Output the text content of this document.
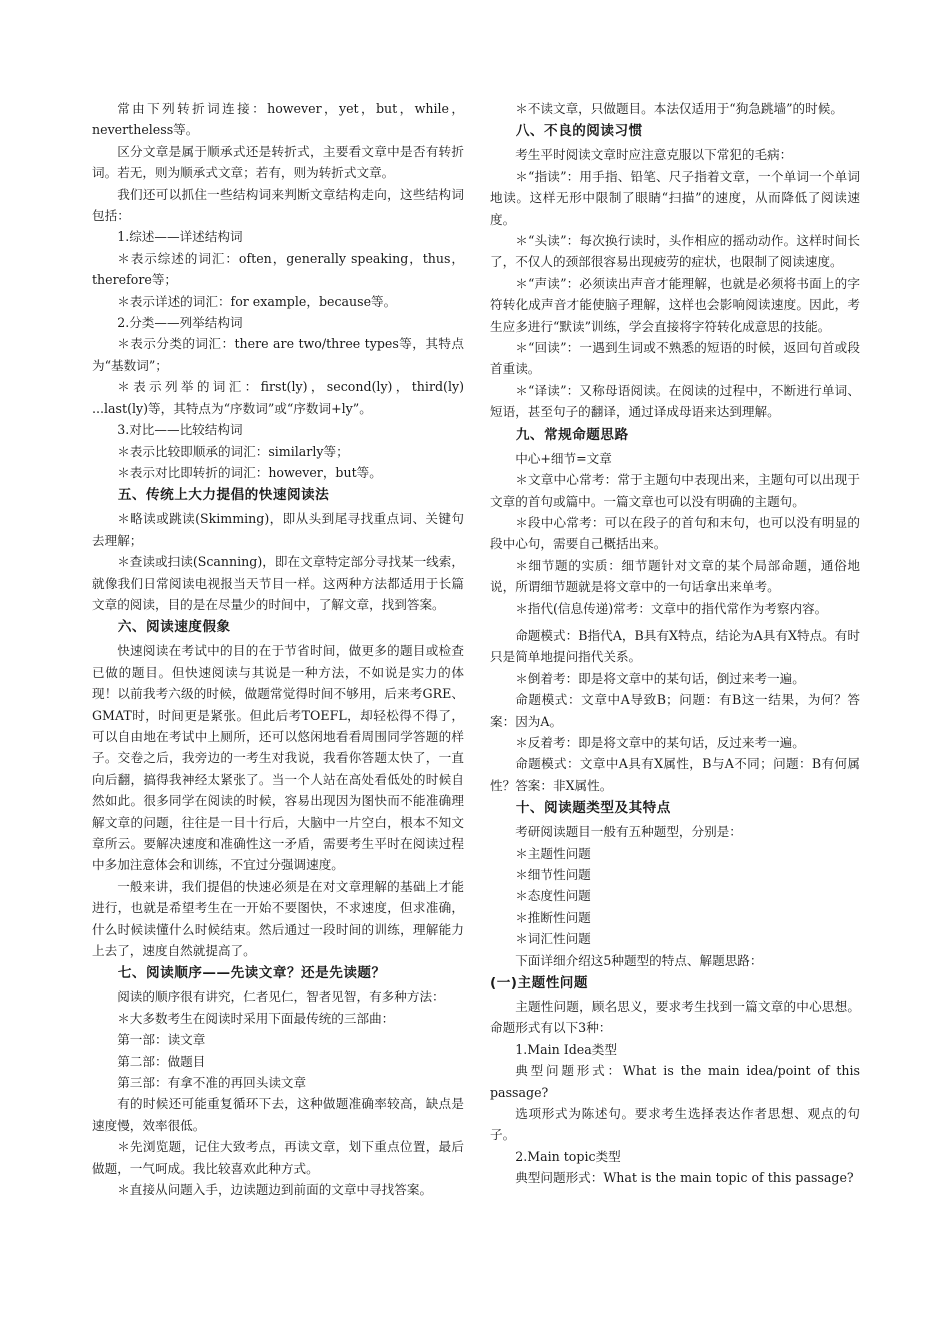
常由下列转折词连接：however，yet，but，while，nevertheless等。

区分文章是属于顺承式还是转折式，主要看文章中是否有转折词。若无，则为顺承式文章；若有，则为转折式文章。

我们还可以抓住一些结构词来判断文章结构走向，这些结构词包括：

1.综述——详述结构词

＊表示综述的词汇：often，generally speaking，thus，therefore等；

＊表示详述的词汇：for example，because等。

2.分类——列举结构词

＊表示分类的词汇：there are two/three types等，其特点为“基数词”；

＊表示列举的词汇：first(ly)，second(ly)，third(ly) ...last(ly)等，其特点为“序数词”或“序数词+ly”。

3.对比——比较结构词

＊表示比较即顺承的词汇：similarly等；

＊表示对比即转折的词汇：however，but等。

五、传统上大力提倡的快速阅读法

＊略读或跳读(Skimming)，即从头到尾寻找重点词、关键句去理解；

＊查读或扫读(Scanning)，即在文章特定部分寻找某一线索，就像我们日常阅读电视报当天节目一样。这两种方法都适用于长篇文章的阅读，目的是在尽量少的时间中，了解文章，找到答案。

六、阅读速度假象

快速阅读在考试中的目的在于节省时间，做更多的题目或检查已做的题目。但快速阅读与其说是一种方法，不如说是实力的体现！以前我考六级的时候，做题常觉得时间不够用，后来考GRE、GMAT时，时间更是紧张。但此后考TOEFL，却轻松得不得了，可以自由地在考试中上厕所，还可以悠闲地看看周围同学答题的样子。交卷之后，我旁边的一考生对我说，我看你答题太快了，一直向后翻，搞得我神经太紧张了。当一个人站在高处看低处的时候自然如此。很多同学在阅读的时候，容易出现因为图快而不能准确理解文章的问题，往往是一目十行后，大脑中一片空白，根本不知文章所云。要解决速度和准确性这一矛盾，需要考生平时在阅读过程中多加注意体会和训练，不宜过分强调速度。

一般来讲，我们提倡的快速必须是在对文章理解的基础上才能进行，也就是希望考生在一开始不要图快，不求速度，但求准确，什么时候读懂什么时候结束。然后通过一段时间的训练，理解能力上去了，速度自然就提高了。

七、阅读顺序——先读文章？还是先读题？

阅读的顺序很有讲究，仁者见仁，智者见智，有多种方法：

＊大多数考生在阅读时采用下面最传统的三部曲：

第一部：读文章

第二部：做题目

第三部：有拿不准的再回头读文章

有的时候还可能重复循环下去，这种做题准确率较高，缺点是速度慢，效率很低。

＊先浏览题，记住大致考点，再读文章，划下重点位置，最后做题，一气呵成。我比较喜欢此种方式。

＊直接从问题入手，边读题边到前面的文章中寻找答案。

＊不读文章，只做题目。本法仅适用于“狗急跳墙”的时候。

八、不良的阅读习惯

考生平时阅读文章时应注意克服以下常犯的毛病：

＊“指读”：用手指、铅笔、尺子指着文章，一个单词一个单词地读。这样无形中限制了眼睛“扫描”的速度，从而降低了阅读速度。

＊“头读”：每次换行读时，头作相应的摇动动作。这样时间长了，不仅人的颈部很容易出现疲劳的症状，也限制了阅读速度。

＊“声读”：必须读出声音才能理解，也就是必须将书面上的字符转化成声音才能使脑子理解，这样也会影响阅读速度。因此，考生应多进行“默读”训练，学会直接将字符转化成意思的技能。

＊“回读”：一遇到生词或不熟悉的短语的时候，返回句首或段首重读。

＊“译读”：又称母语阅读。在阅读的过程中，不断进行单词、短语，甚至句子的翻译，通过译成母语来达到理解。

九、常规命题思路

中心+细节=文章

＊文章中心常考：常于主题句中表现出来，主题句可以出现于文章的首句或篇中。一篇文章也可以没有明确的主题句。

＊段中心常考：可以在段子的首句和末句，也可以没有明显的段中心句，需要自己概括出来。

＊细节题的实质：细节题针对文章的某个局部命题，通俗地说，所谓细节题就是将文章中的一句话拿出来单考。

＊指代(信息传递)常考：文章中的指代常作为考察内容。

命题模式：B指代A，B具有X特点，结论为A具有X特点。有时只是简单地提问指代关系。

＊倒着考：即是将文章中的某句话，倒过来考一遍。

命题模式：文章中A导致B；问题：有B这一结果，为何？答案：因为A。

＊反着考：即是将文章中的某句话，反过来考一遍。

命题模式：文章中A具有X属性，B与A不同；问题：B有何属性？答案：非X属性。

十、阅读题类型及其特点

考研阅读题目一般有五种题型，分别是：

＊主题性问题

＊细节性问题

＊态度性问题

＊推断性问题

＊词汇性问题

下面详细介绍这5种题型的特点、解题思路：

(一)主题性问题

主题性问题，顾名思义，要求考生找到一篇文章的中心思想。命题形式有以下3种：

1.Main Idea类型

典型问题形式：What is the main idea/point of this passage?

选项形式为陈述句。要求考生选择表达作者思想、观点的句子。

2.Main topic类型

典型问题形式：What is the main topic of this passage?
